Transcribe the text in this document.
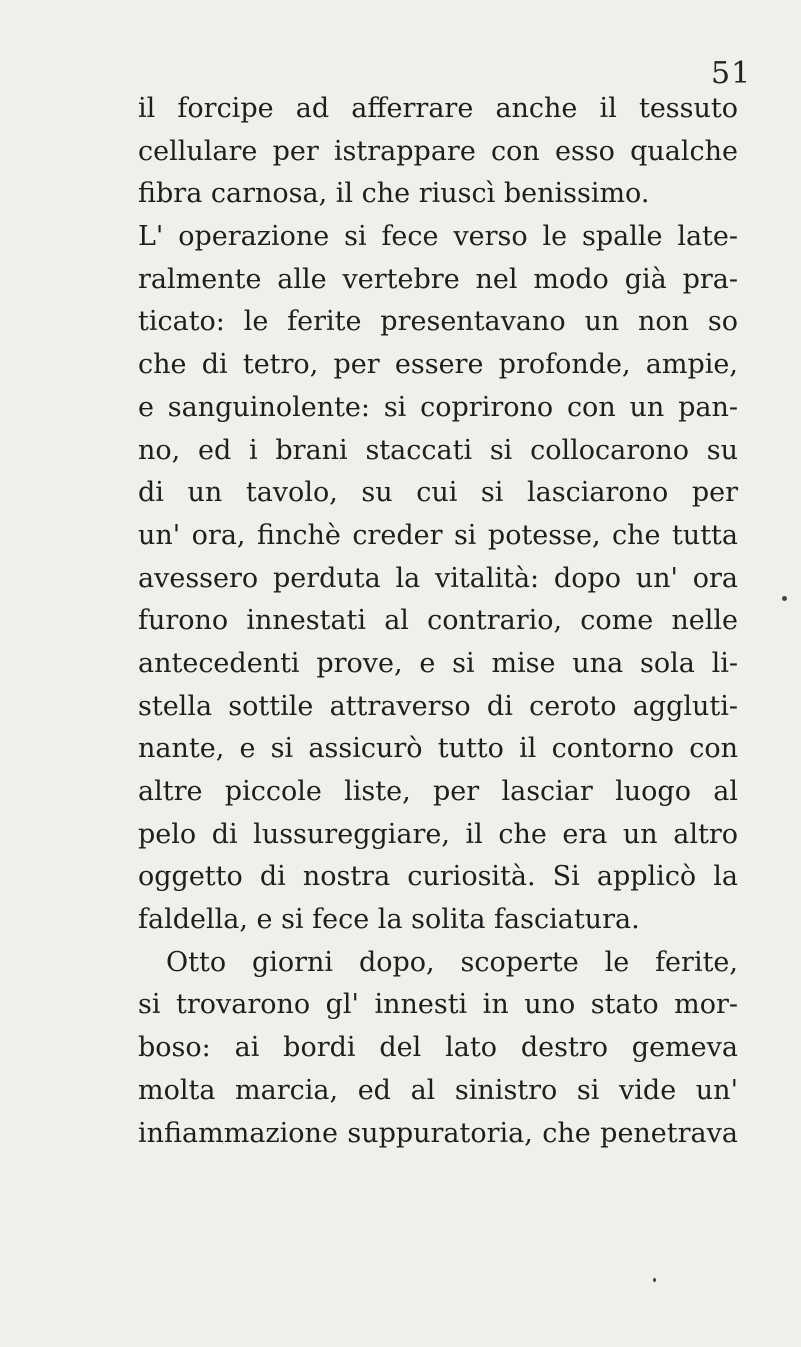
51
il forcipe ad afferrare anche il tessuto
cellulare per istrappare con esso qualche
fibra carnosa, il che riuscì benissimo.
L' operazione si fece verso le spalle late-
ralmente alle vertebre nel modo già pra-
ticato: le ferite presentavano un non so
che di tetro, per essere profonde, ampie,
e sanguinolente: si coprirono con un pan-
no, ed i brani staccati si collocarono su
di un tavolo, su cui si lasciarono per
un' ora, finchè creder si potesse, che tutta
avessero perduta la vitalità: dopo un' ora
furono innestati al contrario, come nelle
antecedenti prove, e si mise una sola li-
stella sottile attraverso di ceroto aggluti-
nante, e si assicurò tutto il contorno con
altre piccole liste, per lasciar luogo al
pelo di lussureggiare, il che era un altro
oggetto di nostra curiosità. Si applicò la
faldella, e si fece la solita fasciatura.
Otto giorni dopo, scoperte le ferite,
si trovarono gl' innesti in uno stato mor-
boso: ai bordi del lato destro gemeva
molta marcia, ed al sinistro si vide un'
infiammazione suppuratoria, che penetrava
